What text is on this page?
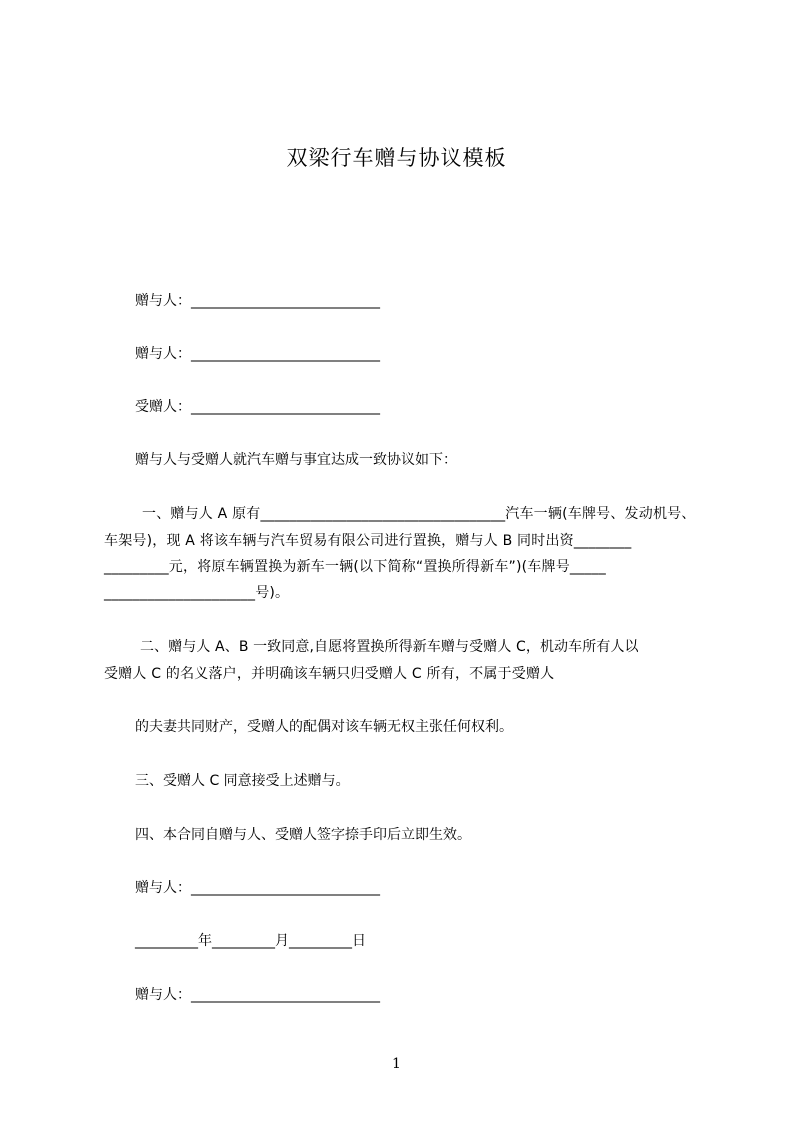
双梁行车赠与协议模板
赠与人：___________________________
赠与人：___________________________
受赠人：___________________________
赠与人与受赠人就汽车赠与事宜达成一致协议如下：
一、赠与人 A 原有__________________________________汽车一辆(车牌号、发动机号、
车架号)，现 A 将该车辆与汽车贸易有限公司进行置换，赠与人 B 同时出资________
_________元，将原车辆置换为新车一辆(以下简称“置换所得新车”)(车牌号_____
_____________________号)。
二、赠与人 A、B 一致同意,自愿将置换所得新车赠与受赠人 C，机动车所有人以
受赠人 C 的名义落户，并明确该车辆只归受赠人 C 所有，不属于受赠人
的夫妻共同财产，受赠人的配偶对该车辆无权主张任何权利。
三、受赠人 C 同意接受上述赠与。
四、本合同自赠与人、受赠人签字捺手印后立即生效。
赠与人：___________________________
_________年_________月_________日
赠与人：___________________________
1
